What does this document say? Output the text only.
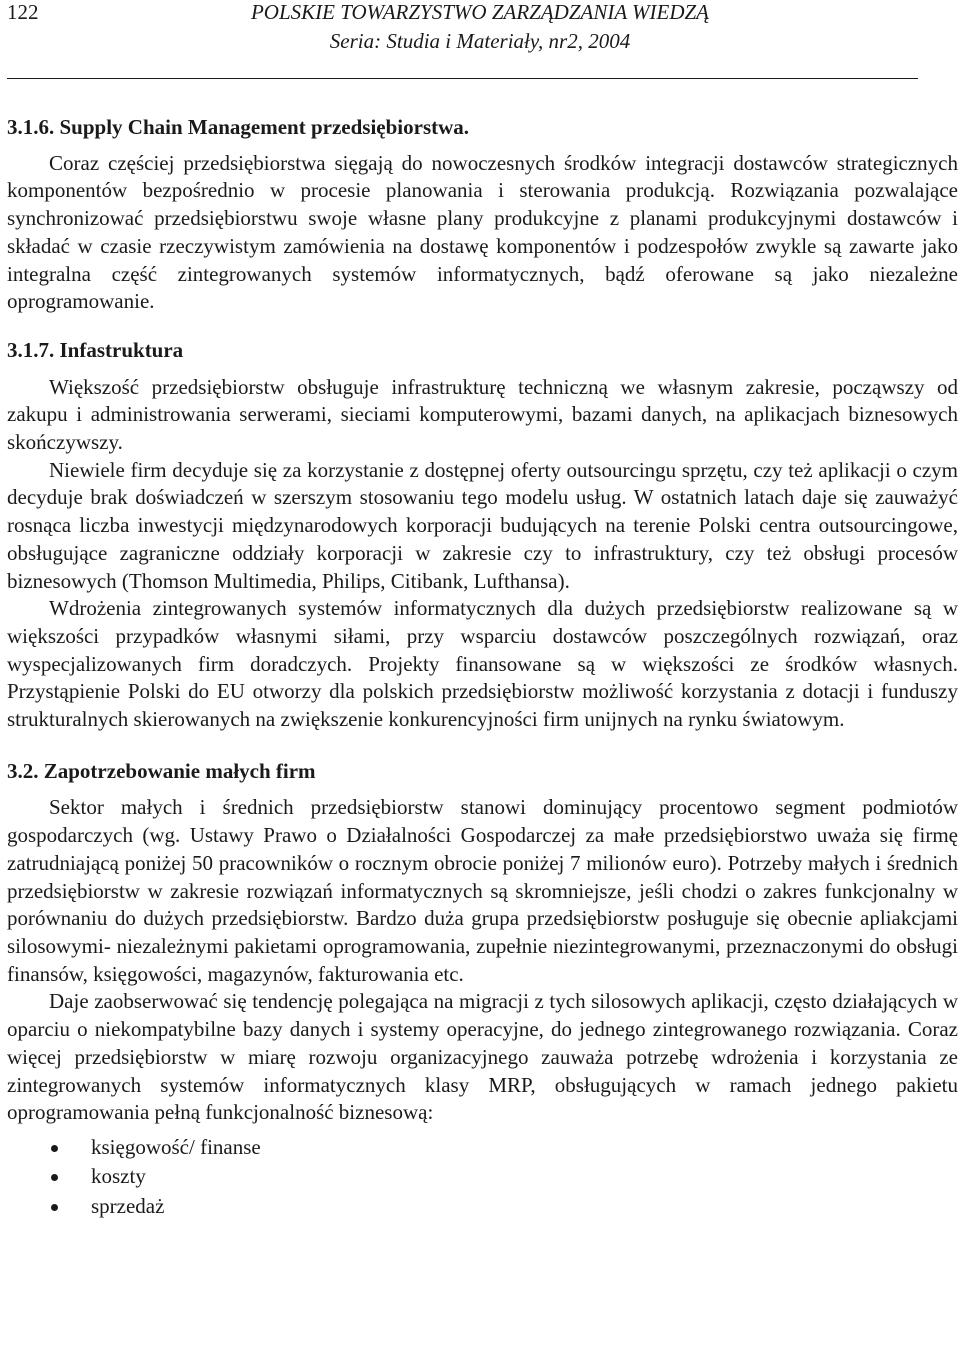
122	POLSKIE TOWARZYSTWO ZARZĄDZANIA WIEDZĄ
Seria: Studia i Materiały, nr2, 2004

3.1.6. Supply Chain Management przedsiębiorstwa.

Coraz częściej przedsiębiorstwa sięgają do nowoczesnych środków integracji dostawców strategicznych komponentów bezpośrednio w procesie planowania i sterowania produkcją. Rozwiązania pozwalające synchronizować przedsiębiorstwu swoje własne plany produkcyjne z planami produkcyjnymi dostawców i składać w czasie rzeczywistym zamówienia na dostawę komponentów i podzespołów zwykle są zawarte jako integralna część zintegrowanych systemów informatycznych, bądź oferowane są jako niezależne oprogramowanie.

3.1.7. Infastruktura

Większość przedsiębiorstw obsługuje infrastrukturę techniczną we własnym zakresie, począwszy od zakupu i administrowania serwerami, sieciami komputerowymi, bazami danych, na aplikacjach biznesowych skończywszy.

Niewiele firm decyduje się za korzystanie z dostępnej oferty outsourcingu sprzętu, czy też aplikacji o czym decyduje brak doświadczeń w szerszym stosowaniu tego modelu usług. W ostatnich latach daje się zauważyć rosnąca liczba inwestycji międzynarodowych korporacji budujących na terenie Polski centra outsourcingowe, obsługujące zagraniczne oddziały korporacji w zakresie czy to infrastruktury, czy też obsługi procesów biznesowych (Thomson Multimedia, Philips, Citibank, Lufthansa).

Wdrożenia zintegrowanych systemów informatycznych dla dużych przedsiębiorstw realizowane są w większości przypadków własnymi siłami, przy wsparciu dostawców poszczególnych rozwiązań, oraz wyspecjalizowanych firm doradczych. Projekty finansowane są w większości ze środków własnych. Przystąpienie Polski do EU otworzy dla polskich przedsiębiorstw możliwość korzystania z dotacji i funduszy strukturalnych skierowanych na zwiększenie konkurencyjności firm unijnych na rynku światowym.

3.2. Zapotrzebowanie małych firm

Sektor małych i średnich przedsiębiorstw stanowi dominujący procentowo segment podmiotów gospodarczych (wg. Ustawy Prawo o Działalności Gospodarczej za małe przedsiębiorstwo uważa się firmę zatrudniającą poniżej 50 pracowników o rocznym obrocie poniżej 7 milionów euro). Potrzeby małych i średnich przedsiębiorstw w zakresie rozwiązań informatycznych są skromniejsze, jeśli chodzi o zakres funkcjonalny w porównaniu do dużych przedsiębiorstw. Bardzo duża grupa przedsiębiorstw posługuje się obecnie apliakcjami silosowymi- niezależnymi pakietami oprogramowania, zupełnie niezintegrowanymi, przeznaczonymi do obsługi finansów, księgowości, magazynów, fakturowania etc.

Daje zaobserwować się tendencję polegająca na migracji z tych silosowych aplikacji, często działających w oparciu o niekompatybilne bazy danych i systemy operacyjne, do jednego zintegrowanego rozwiązania. Coraz więcej przedsiębiorstw w miarę rozwoju organizacyjnego zauważa potrzebę wdrożenia i korzystania ze zintegrowanych systemów informatycznych klasy MRP, obsługujących w ramach jednego pakietu oprogramowania pełną funkcjonalność biznesową:

księgowość/ finanse
koszty
sprzedaż
